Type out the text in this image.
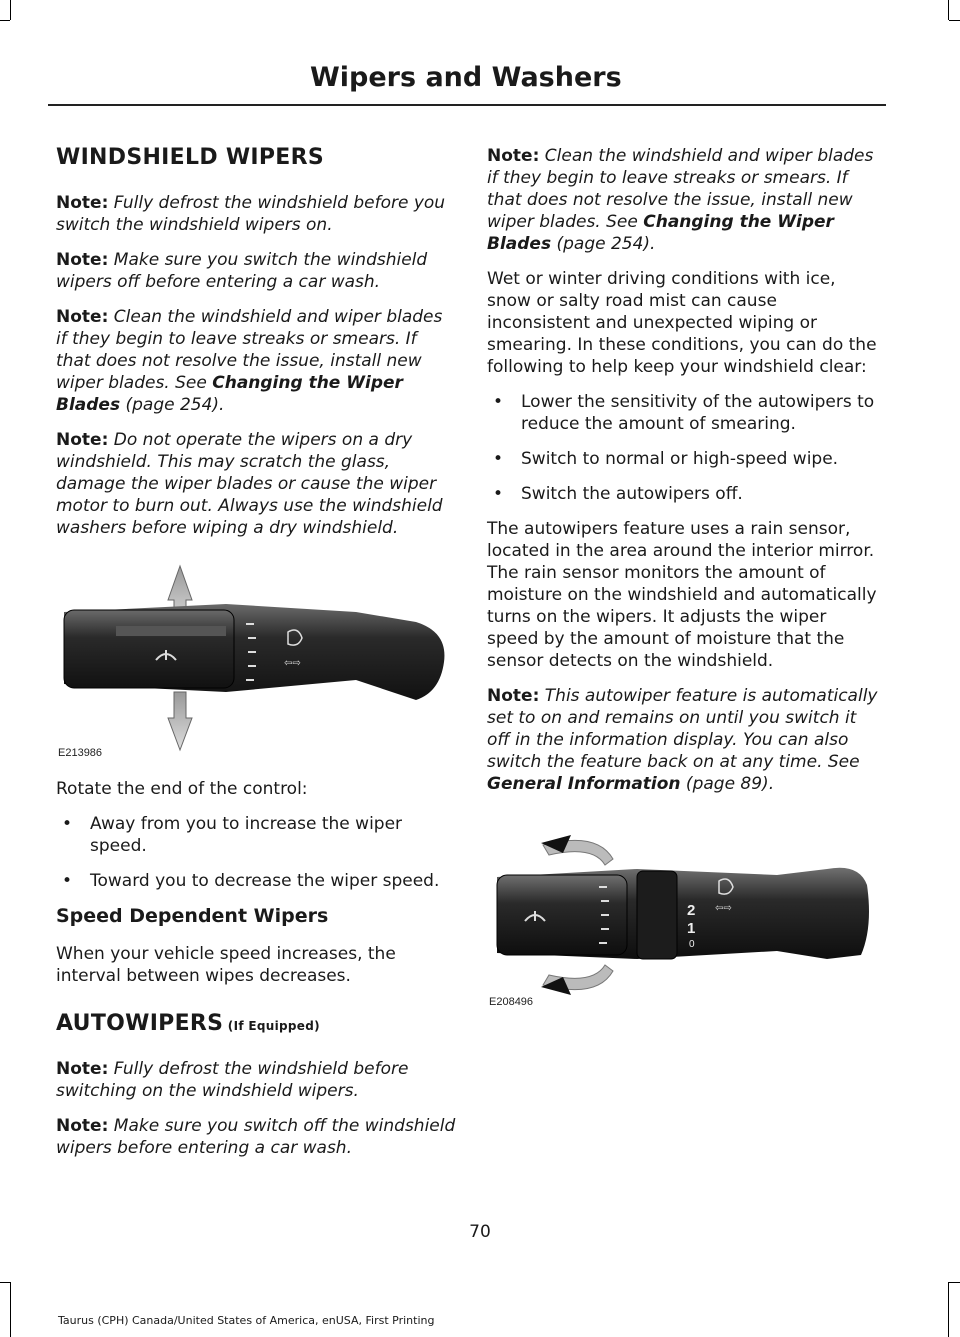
Wipers and Washers
WINDSHIELD WIPERS

Note: Fully defrost the windshield before you switch the windshield wipers on.

Note: Make sure you switch the windshield wipers off before entering a car wash.

Note: Clean the windshield and wiper blades if they begin to leave streaks or smears. If that does not resolve the issue, install new wiper blades. See Changing the Wiper Blades (page 254).

Note: Do not operate the wipers on a dry windshield. This may scratch the glass, damage the wiper blades or cause the wiper motor to burn out. Always use the windshield washers before wiping a dry windshield.

⇦⇨
E213986

Rotate the end of the control:

• Away from you to increase the wiper speed.
• Toward you to decrease the wiper speed.
Speed Dependent Wipers

When your vehicle speed increases, the interval between wipes decreases.

AUTOWIPERS (If Equipped)

Note: Fully defrost the windshield before switching on the windshield wipers.

Note: Make sure you switch off the windshield wipers before entering a car wash.

Note: Clean the windshield and wiper blades if they begin to leave streaks or smears. If that does not resolve the issue, install new wiper blades. See Changing the Wiper Blades (page 254).

Wet or winter driving conditions with ice, snow or salty road mist can cause inconsistent and unexpected wiping or smearing. In these conditions, you can do the following to help keep your windshield clear:

• Lower the sensitivity of the autowipers to reduce the amount of smearing.
• Switch to normal or high-speed wipe.
• Switch the autowipers off.

The autowipers feature uses a rain sensor, located in the area around the interior mirror. The rain sensor monitors the amount of moisture on the windshield and automatically turns on the wipers. It adjusts the wiper speed by the amount of moisture that the sensor detects on the windshield.

Note: This autowiper feature is automatically set to on and remains on until you switch it off in the information display. You can also switch the feature back on at any time. See General Information (page 89).

2
1
0
⇦⇨
E208496
70
Taurus (CPH) Canada/United States of America, enUSA, First Printing
